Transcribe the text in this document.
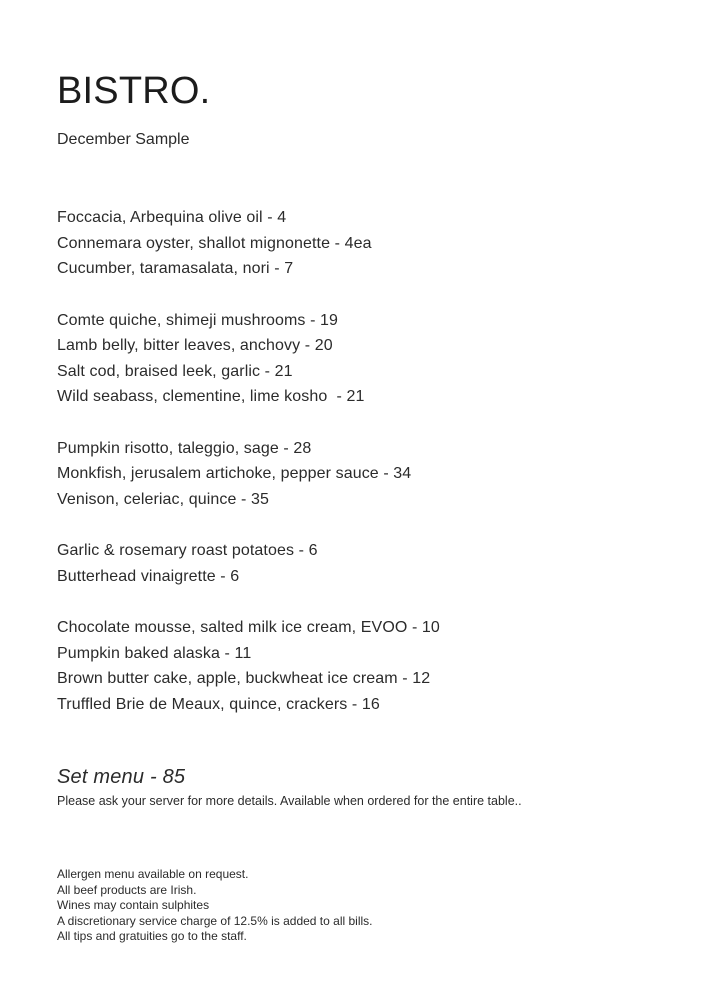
BISTRO.

December Sample

Foccacia, Arbequina olive oil - 4
Connemara oyster, shallot mignonette - 4ea
Cucumber, taramasalata, nori - 7
Comte quiche, shimeji mushrooms - 19
Lamb belly, bitter leaves, anchovy - 20
Salt cod, braised leek, garlic - 21
Wild seabass, clementine, lime kosho  - 21
Pumpkin risotto, taleggio, sage - 28
Monkfish, jerusalem artichoke, pepper sauce - 34
Venison, celeriac, quince - 35
Garlic & rosemary roast potatoes - 6
Butterhead vinaigrette - 6
Chocolate mousse, salted milk ice cream, EVOO - 10
Pumpkin baked alaska - 11
Brown butter cake, apple, buckwheat ice cream - 12
Truffled Brie de Meaux, quince, crackers - 16

Set menu - 85

Please ask your server for more details. Available when ordered for the entire table..

Allergen menu available on request.
All beef products are Irish.
Wines may contain sulphites
A discretionary service charge of 12.5% is added to all bills.
All tips and gratuities go to the staff.
